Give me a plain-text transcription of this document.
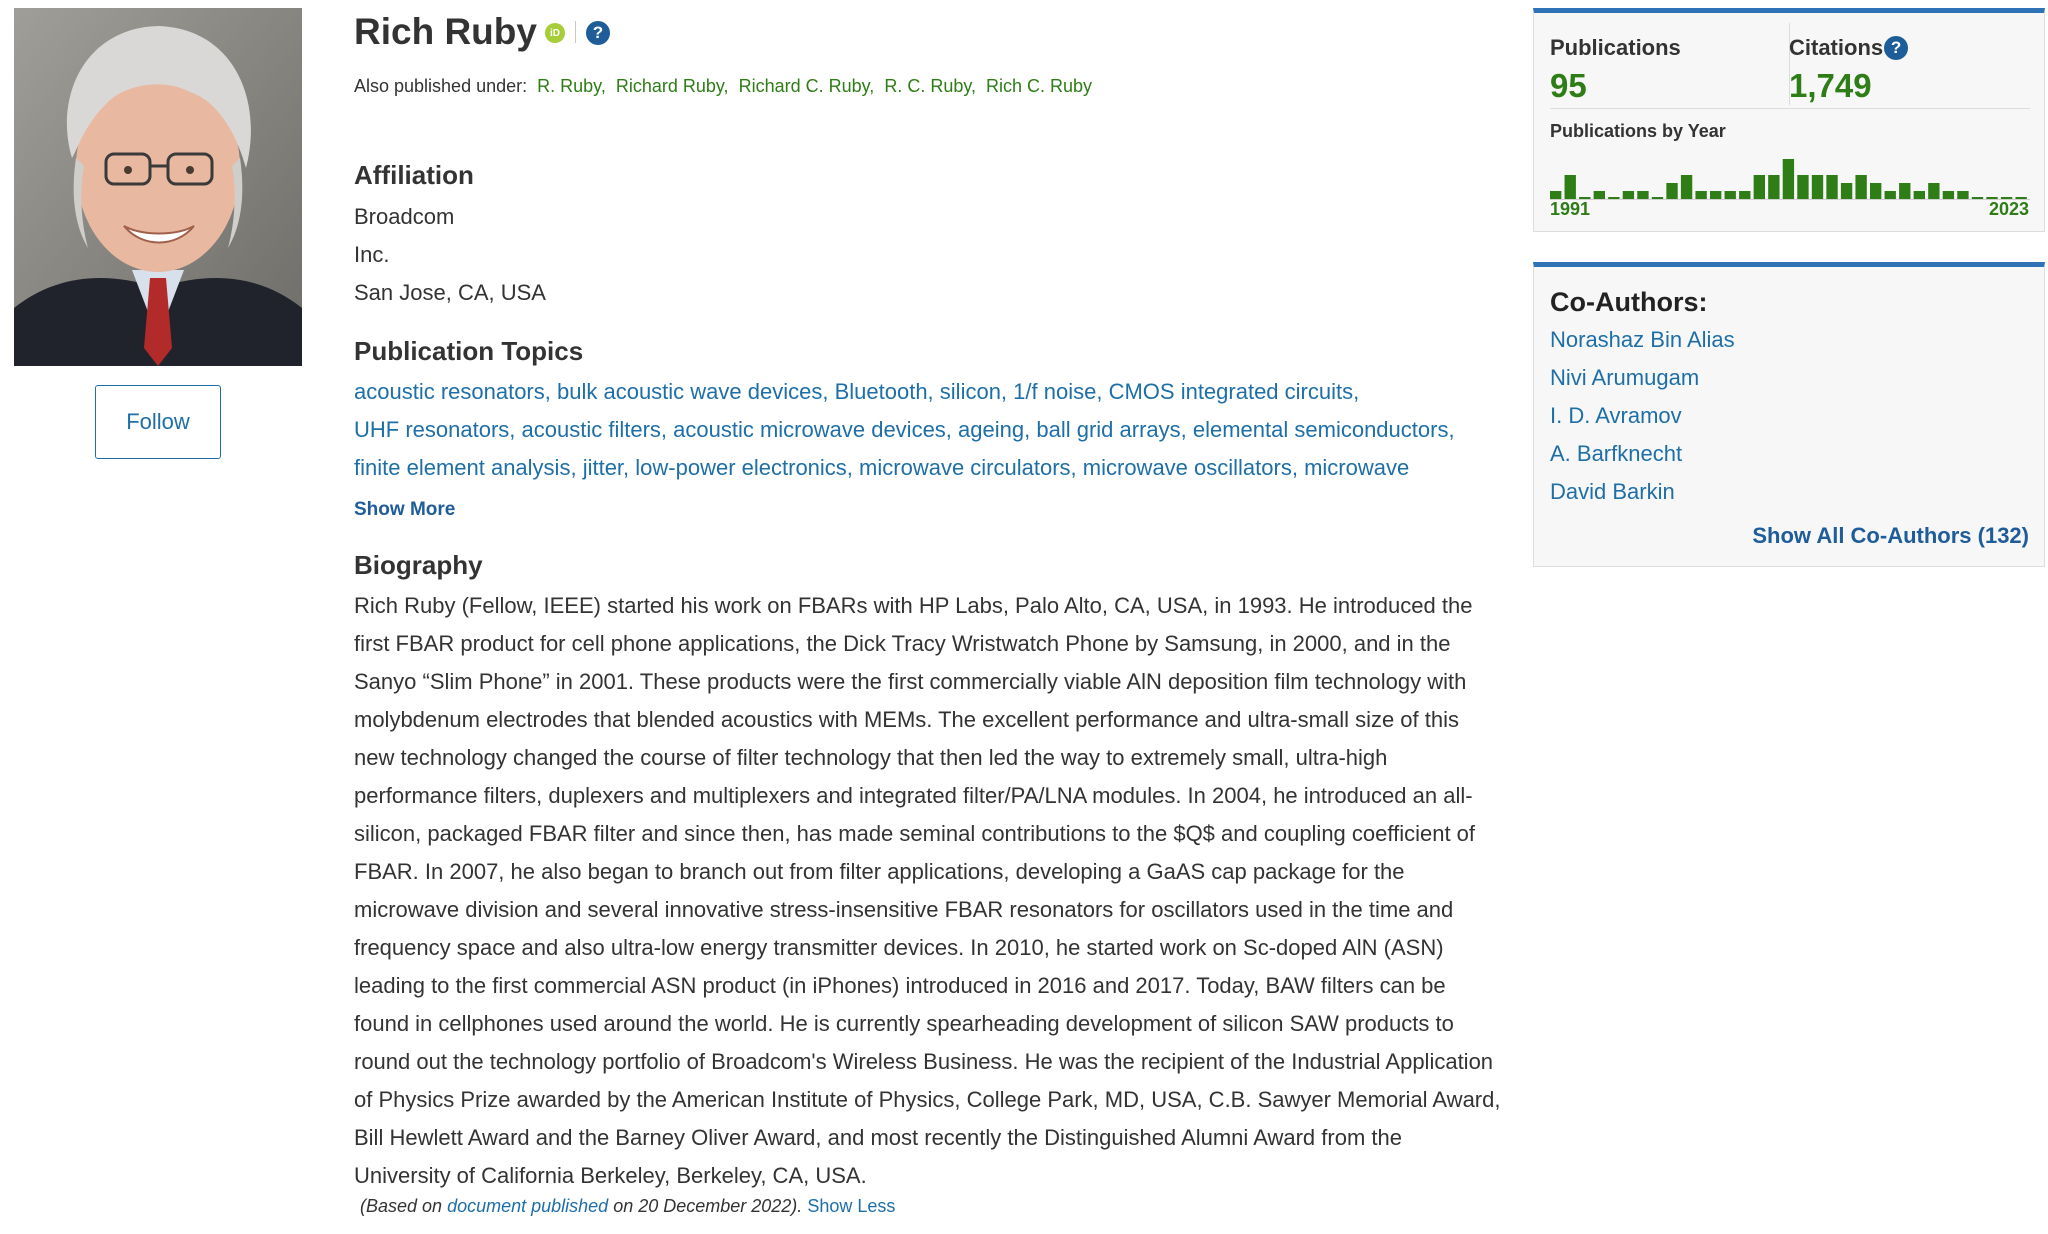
Follow
Rich Ruby	iD	?
Also published under: R. Ruby, Richard Ruby, Richard C. Ruby, R. C. Ruby, Rich C. Ruby
Affiliation
Broadcom
Inc.
San Jose, CA, USA
Publication Topics
acoustic resonators, bulk acoustic wave devices, Bluetooth, silicon, 1/f noise, CMOS integrated circuits, UHF resonators, acoustic filters, acoustic microwave devices, ageing, ball grid arrays, elemental semiconductors, finite element analysis, jitter, low-power electronics, microwave circulators, microwave oscillators, microwave
Show More
Biography
Rich Ruby (Fellow, IEEE) started his work on FBARs with HP Labs, Palo Alto, CA, USA, in 1993. He introduced the first FBAR product for cell phone applications, the Dick Tracy Wristwatch Phone by Samsung, in 2000, and in the Sanyo “Slim Phone” in 2001. These products were the first commercially viable AlN deposition film technology with molybdenum electrodes that blended acoustics with MEMs. The excellent performance and ultra-small size of this new technology changed the course of filter technology that then led the way to extremely small, ultra-high performance filters, duplexers and multiplexers and integrated filter/PA/LNA modules. In 2004, he introduced an all-silicon, packaged FBAR filter and since then, has made seminal contributions to the $Q$ and coupling coefficient of FBAR. In 2007, he also began to branch out from filter applications, developing a GaAS cap package for the microwave division and several innovative stress-insensitive FBAR resonators for oscillators used in the time and frequency space and also ultra-low energy transmitter devices. In 2010, he started work on Sc-doped AlN (ASN) leading to the first commercial ASN product (in iPhones) introduced in 2016 and 2017. Today, BAW filters can be found in cellphones used around the world. He is currently spearheading development of silicon SAW products to round out the technology portfolio of Broadcom's Wireless Business. He was the recipient of the Industrial Application of Physics Prize awarded by the American Institute of Physics, College Park, MD, USA, C.B. Sawyer Memorial Award, Bill Hewlett Award and the Barney Oliver Award, and most recently the Distinguished Alumni Award from the University of California Berkeley, Berkeley, CA, USA.
(Based on document published on 20 December 2022). Show Less
Publications
95
Citations ?
1,749
Publications by Year
1991	2023
Co-Authors:
Norashaz Bin Alias
Nivi Arumugam
I. D. Avramov
A. Barfknecht
David Barkin
Show All Co-Authors (132)
